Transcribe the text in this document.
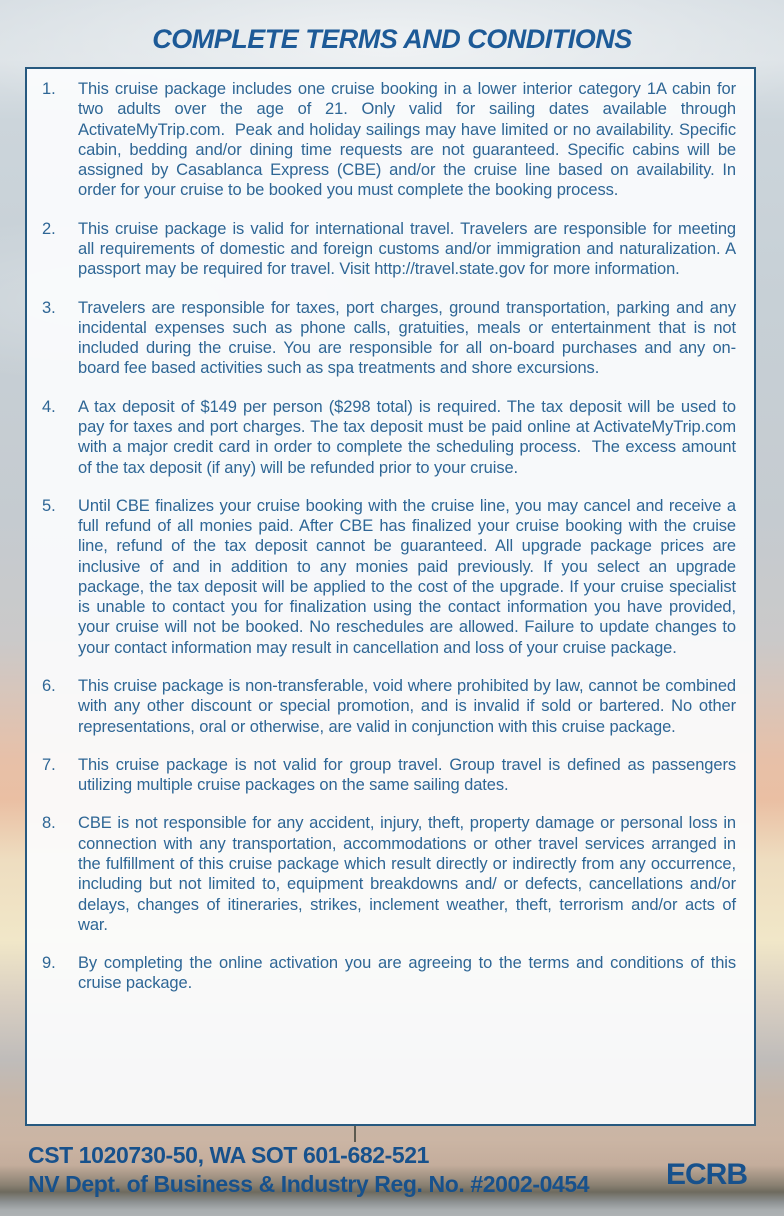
COMPLETE TERMS AND CONDITIONS
1.	This cruise package includes one cruise booking in a lower interior category 1A cabin for two adults over the age of 21. Only valid for sailing dates available through ActivateMyTrip.com.  Peak and holiday sailings may have limited or no availability. Specific cabin, bedding and/or dining time requests are not guaranteed. Specific cabins will be assigned by Casablanca Express (CBE) and/or the cruise line based on availability. In order for your cruise to be booked you must complete the booking process.

2.	This cruise package is valid for international travel. Travelers are responsible for meeting all requirements of domestic and foreign customs and/or immigration and naturalization. A passport may be required for travel. Visit http://travel.state.gov for more information.

3.	Travelers are responsible for taxes, port charges, ground transportation, parking and any incidental expenses such as phone calls, gratuities, meals or entertainment that is not included during the cruise. You are responsible for all on-board purchases and any on-board fee based activities such as spa treatments and shore excursions.

4.	A tax deposit of $149 per person ($298 total) is required. The tax deposit will be used to pay for taxes and port charges. The tax deposit must be paid online at ActivateMyTrip.com with a major credit card in order to complete the scheduling process.  The excess amount of the tax deposit (if any) will be refunded prior to your cruise.

5.	Until CBE finalizes your cruise booking with the cruise line, you may cancel and receive a full refund of all monies paid. After CBE has finalized your cruise booking with the cruise line, refund of the tax deposit cannot be guaranteed. All upgrade package prices are inclusive of and in addition to any monies paid previously. If you select an upgrade package, the tax deposit will be applied to the cost of the upgrade. If your cruise specialist is unable to contact you for finalization using the contact information you have provided, your cruise will not be booked. No reschedules are allowed. Failure to update changes to your contact information may result in cancellation and loss of your cruise package.

6.	This cruise package is non-transferable, void where prohibited by law, cannot be combined with any other discount or special promotion, and is invalid if sold or bartered. No other representations, oral or otherwise, are valid in conjunction with this cruise package.

7.	This cruise package is not valid for group travel. Group travel is defined as passengers utilizing multiple cruise packages on the same sailing dates.

8.	CBE is not responsible for any accident, injury, theft, property damage or personal loss in connection with any transportation, accommodations or other travel services arranged in the fulfillment of this cruise package which result directly or indirectly from any occurrence, including but not limited to, equipment breakdowns and/ or defects, cancellations and/or delays, changes of itineraries, strikes, inclement weather, theft, terrorism and/or acts of war.

9.	By completing the online activation you are agreeing to the terms and conditions of this cruise package.

CST 1020730-50, WA SOT 601-682-521
NV Dept. of Business & Industry Reg. No. #2002-0454	ECRB
